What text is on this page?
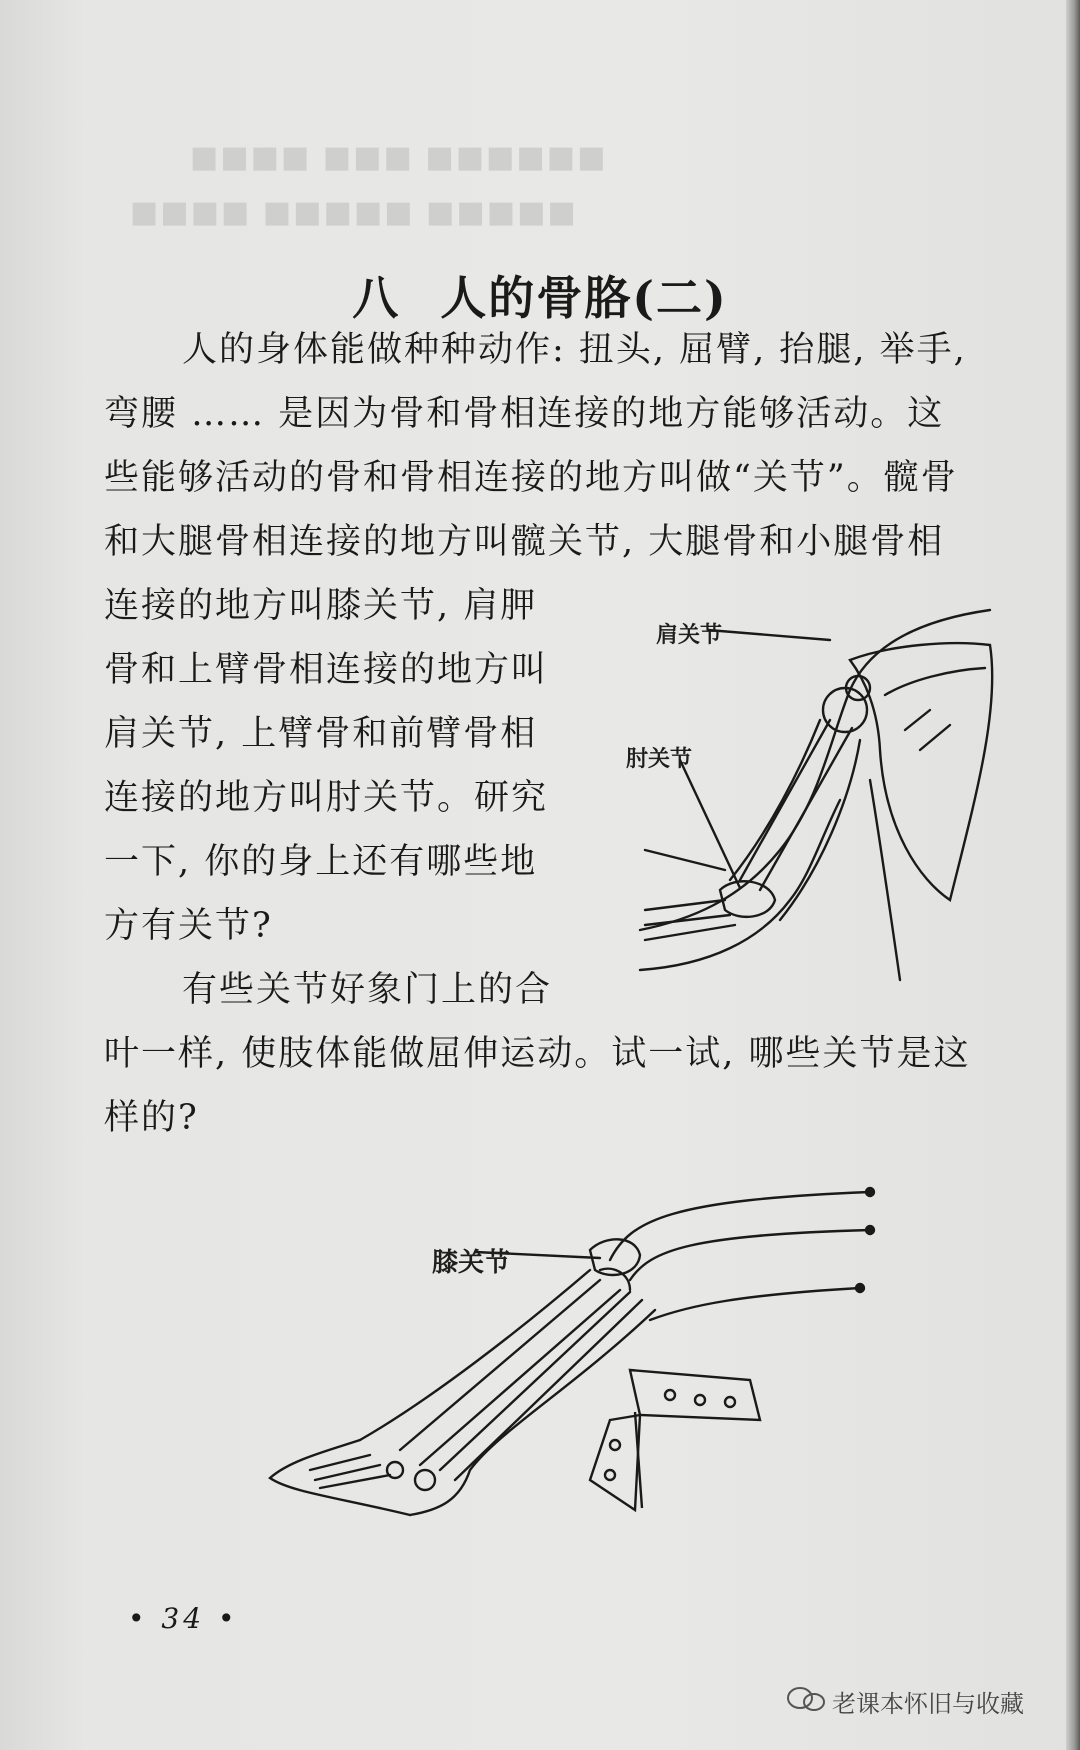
■■■■ ■■■ ■■■■■■
■■■■ ■■■■■ ■■■■■
八 人的骨胳(二)
人的身体能做种种动作: 扭头, 屈臂, 抬腿, 举手,
弯腰 …… 是因为骨和骨相连接的地方能够活动。这
些能够活动的骨和骨相连接的地方叫做“关节”。髋骨
和大腿骨相连接的地方叫髋关节, 大腿骨和小腿骨相
连接的地方叫膝关节, 肩胛
骨和上臂骨相连接的地方叫
肩关节, 上臂骨和前臂骨相
连接的地方叫肘关节。研究
一下, 你的身上还有哪些地
方有关节?
有些关节好象门上的合
叶一样, 使肢体能做屈伸运动。试一试, 哪些关节是这
样的?
肩关节
肘关节
膝关节
• 34 •
老课本怀旧与收藏
